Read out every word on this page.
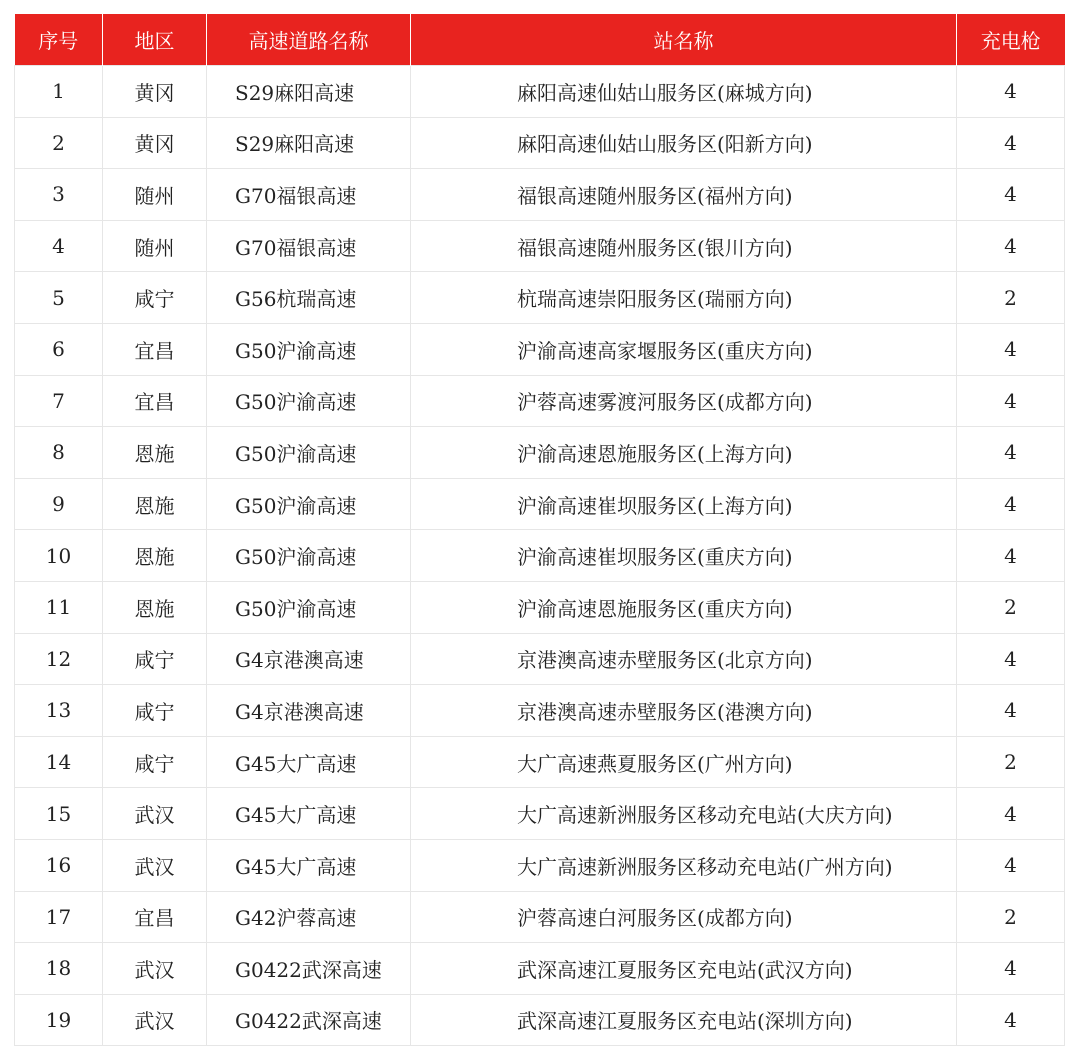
序号	地区	高速道路名称	站名称	充电枪
1	黄冈	S29麻阳高速	麻阳高速仙姑山服务区(麻城方向)	4
2	黄冈	S29麻阳高速	麻阳高速仙姑山服务区(阳新方向)	4
3	随州	G70福银高速	福银高速随州服务区(福州方向)	4
4	随州	G70福银高速	福银高速随州服务区(银川方向)	4
5	咸宁	G56杭瑞高速	杭瑞高速崇阳服务区(瑞丽方向)	2
6	宜昌	G50沪渝高速	沪渝高速高家堰服务区(重庆方向)	4
7	宜昌	G50沪渝高速	沪蓉高速雾渡河服务区(成都方向)	4
8	恩施	G50沪渝高速	沪渝高速恩施服务区(上海方向)	4
9	恩施	G50沪渝高速	沪渝高速崔坝服务区(上海方向)	4
10	恩施	G50沪渝高速	沪渝高速崔坝服务区(重庆方向)	4
11	恩施	G50沪渝高速	沪渝高速恩施服务区(重庆方向)	2
12	咸宁	G4京港澳高速	京港澳高速赤壁服务区(北京方向)	4
13	咸宁	G4京港澳高速	京港澳高速赤壁服务区(港澳方向)	4
14	咸宁	G45大广高速	大广高速燕夏服务区(广州方向)	2
15	武汉	G45大广高速	大广高速新洲服务区移动充电站(大庆方向)	4
16	武汉	G45大广高速	大广高速新洲服务区移动充电站(广州方向)	4
17	宜昌	G42沪蓉高速	沪蓉高速白河服务区(成都方向)	2
18	武汉	G0422武深高速	武深高速江夏服务区充电站(武汉方向)	4
19	武汉	G0422武深高速	武深高速江夏服务区充电站(深圳方向)	4
